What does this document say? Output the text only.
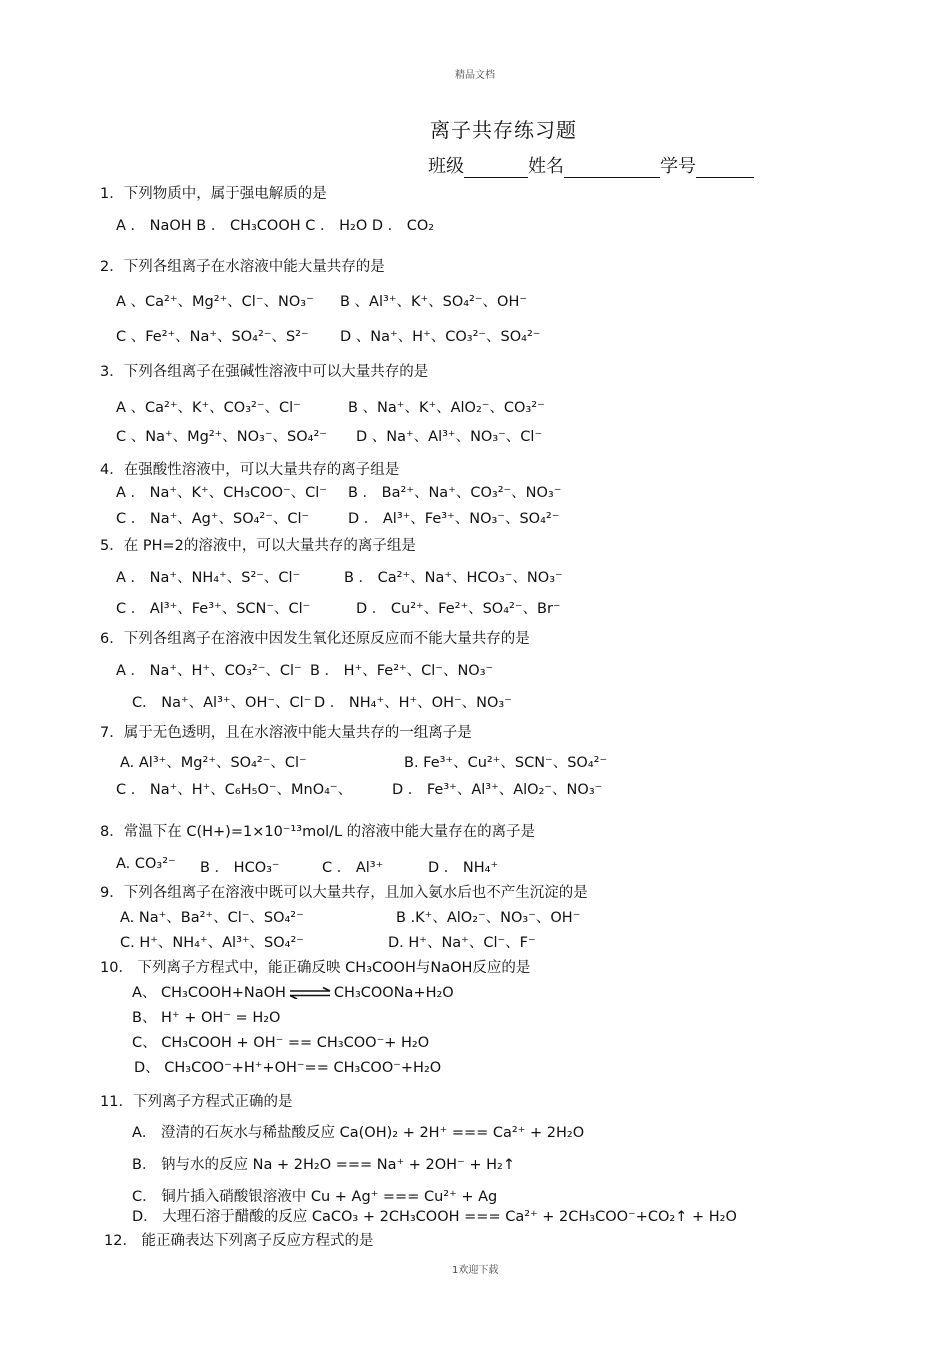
精品文档
离子共存练习题
班级	姓名	学号
1．下列物质中，属于强电解质的是
A ． NaOH B ． CH₃COOH C ． H₂O D ． CO₂
2．下列各组离子在水溶液中能大量共存的是
A 、Ca²⁺、Mg²⁺、Cl⁻、NO₃⁻ B 、Al³⁺、K⁺、SO₄²⁻、OH⁻
C 、Fe²⁺、Na⁺、SO₄²⁻、S²⁻ D 、Na⁺、H⁺、CO₃²⁻、SO₄²⁻
3．下列各组离子在强碱性溶液中可以大量共存的是
A 、Ca²⁺、K⁺、CO₃²⁻、Cl⁻	B 、Na⁺、K⁺、AlO₂⁻、CO₃²⁻
C 、Na⁺、Mg²⁺、NO₃⁻、SO₄²⁻ D 、Na⁺、Al³⁺、NO₃⁻、Cl⁻
4．在强酸性溶液中，可以大量共存的离子组是
A ． Na⁺、K⁺、CH₃COO⁻、Cl⁻ B ． Ba²⁺、Na⁺、CO₃²⁻、NO₃⁻
C ． Na⁺、Ag⁺、SO₄²⁻、Cl⁻	D ． Al³⁺、Fe³⁺、NO₃⁻、SO₄²⁻
5．在 PH=2的溶液中，可以大量共存的离子组是
A ． Na⁺、NH₄⁺、S²⁻、Cl⁻	B ． Ca²⁺、Na⁺、HCO₃⁻、NO₃⁻
C ． Al³⁺、Fe³⁺、SCN⁻、Cl⁻	D ． Cu²⁺、Fe²⁺、SO₄²⁻、Br⁻
6．下列各组离子在溶液中因发生氧化还原反应而不能大量共存的是
A ． Na⁺、H⁺、CO₃²⁻、Cl⁻ B ． H⁺、Fe²⁺、Cl⁻、NO₃⁻
C． Na⁺、Al³⁺、OH⁻、Cl⁻ D ． NH₄⁺、H⁺、OH⁻、NO₃⁻
7．属于无色透明，且在水溶液中能大量共存的一组离子是
A. Al³⁺、Mg²⁺、SO₄²⁻、Cl⁻	B. Fe³⁺、Cu²⁺、SCN⁻、SO₄²⁻
C ． Na⁺、H⁺、C₆H₅O⁻、MnO₄⁻、	D ． Fe³⁺、Al³⁺、AlO₂⁻、NO₃⁻
8．常温下在 C(H+)=1×10⁻¹³mol/L 的溶液中能大量存在的离子是
A. CO₃²⁻ B ． HCO₃⁻	C ． Al³⁺	D ． NH₄⁺
9．下列各组离子在溶液中既可以大量共存，且加入氨水后也不产生沉淀的是
A. Na⁺、Ba²⁺、Cl⁻、SO₄²⁻	B .K⁺、AlO₂⁻、NO₃⁻、OH⁻
C. H⁺、NH₄⁺、Al³⁺、SO₄²⁻	D. H⁺、Na⁺、Cl⁻、F⁻
10． 下列离子方程式中，能正确反映 CH₃COOH与NaOH反应的是
A、 CH₃COOH+NaOH ⇌ CH₃COONa+H₂O
B、 H⁺ + OH⁻ = H₂O
C、 CH₃COOH + OH⁻ == CH₃COO⁻+ H₂O
D、 CH₃COO⁻+H⁺+OH⁻== CH₃COO⁻+H₂O
11．下列离子方程式正确的是
A． 澄清的石灰水与稀盐酸反应 Ca(OH)₂ + 2H⁺ === Ca²⁺ + 2H₂O
B． 钠与水的反应 Na + 2H₂O === Na⁺ + 2OH⁻ + H₂↑
C． 铜片插入硝酸银溶液中 Cu + Ag⁺ === Cu²⁺ + Ag
D． 大理石溶于醋酸的反应 CaCO₃ + 2CH₃COOH === Ca²⁺ + 2CH₃COO⁻+CO₂↑ + H₂O
12． 能正确表达下列离子反应方程式的是
1欢迎下载
